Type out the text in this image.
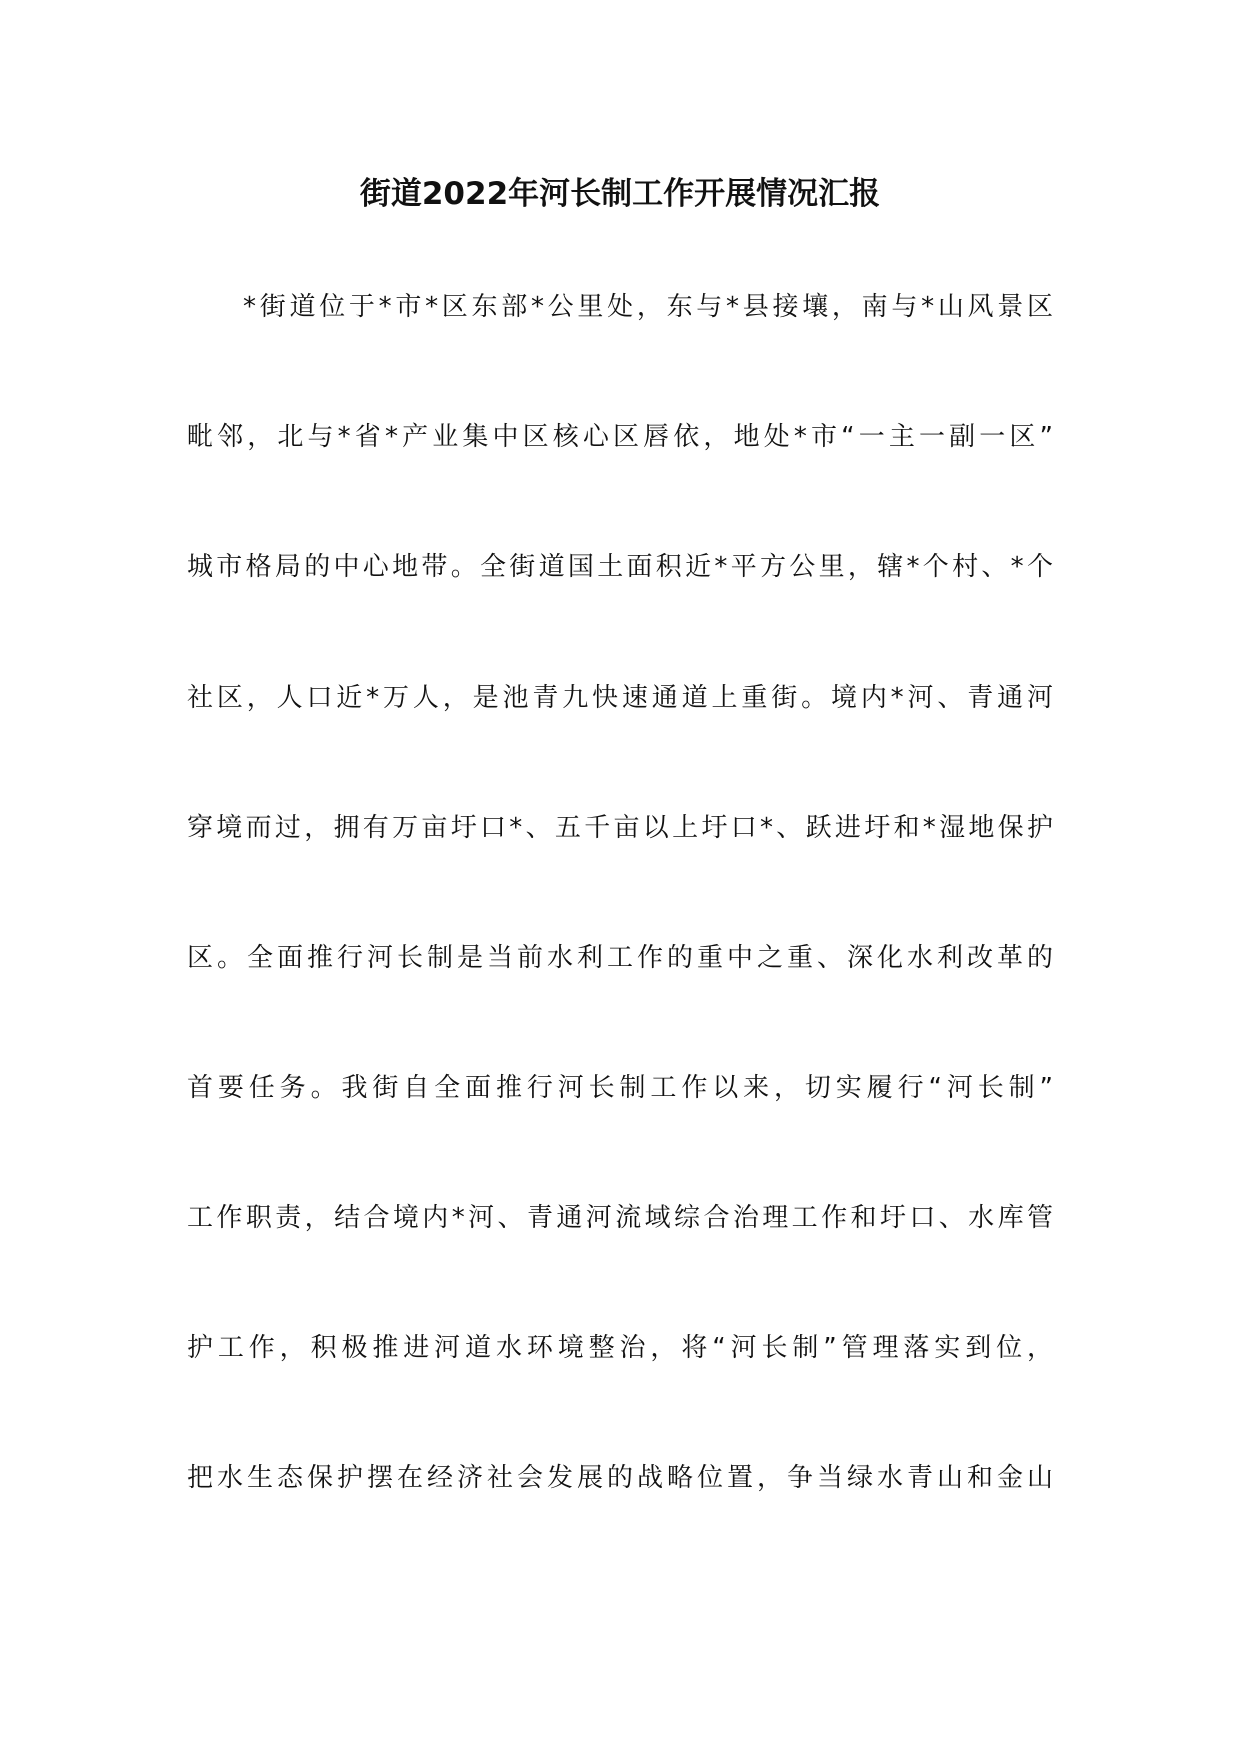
街道2022年河长制工作开展情况汇报
*街道位于*市*区东部*公里处，东与*县接壤，南与*山风景区
毗邻，北与*省*产业集中区核心区唇依，地处*市“一主一副一区”
城市格局的中心地带。全街道国土面积近*平方公里，辖*个村、*个
社区，人口近*万人，是池青九快速通道上重街。境内*河、青通河
穿境而过，拥有万亩圩口*、五千亩以上圩口*、跃进圩和*湿地保护
区。全面推行河长制是当前水利工作的重中之重、深化水利改革的
首要任务。我街自全面推行河长制工作以来，切实履行“河长制”
工作职责，结合境内*河、青通河流域综合治理工作和圩口、水库管
护工作，积极推进河道水环境整治，将“河长制”管理落实到位，
把水生态保护摆在经济社会发展的战略位置，争当绿水青山和金山
